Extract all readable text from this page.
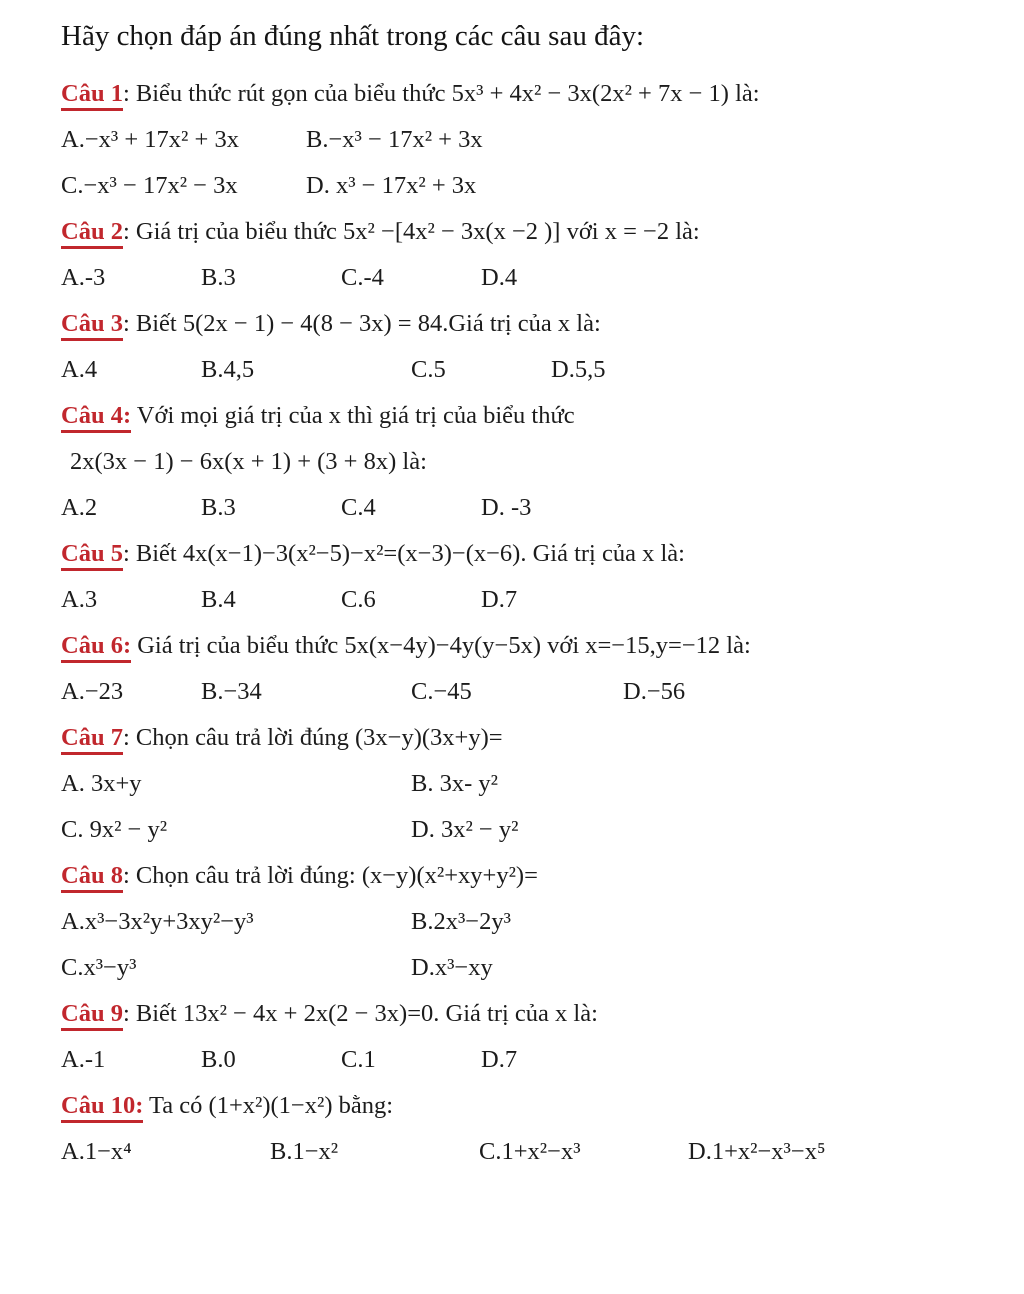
Hãy chọn đáp án đúng nhất trong các câu sau đây:
Câu 1: Biểu thức rút gọn của biểu thức 5x³ + 4x² − 3x(2x² + 7x − 1) là:
A.−x³ + 17x² + 3x	B.−x³ − 17x² + 3x
C.−x³ − 17x² − 3x	D. x³ − 17x² + 3x
Câu 2: Giá trị của biểu thức 5x² −[4x² − 3x(x −2 )] với x = −2 là:
A.-3	B.3	C.-4	D.4
Câu 3: Biết 5(2x − 1) − 4(8 − 3x) = 84.Giá trị của x là:
A.4	B.4,5	C.5	D.5,5
Câu 4: Với mọi giá trị của x thì giá trị của biểu thức
2x(3x − 1) − 6x(x + 1) + (3 + 8x) là:
A.2	B.3	C.4	D. -3
Câu 5: Biết 4x(x−1)−3(x²−5)−x²=(x−3)−(x−6). Giá trị của x là:
A.3	B.4	C.6	D.7
Câu 6: Giá trị của biểu thức 5x(x−4y)−4y(y−5x) với x=−15,y=−12 là:
A.−23	B.−34	C.−45	D.−56
Câu 7: Chọn câu trả lời đúng (3x−y)(3x+y)=
A. 3x+y	B. 3x- y²
C. 9x² − y²	D. 3x² − y²
Câu 8: Chọn câu trả lời đúng: (x−y)(x²+xy+y²)=
A.x³−3x²y+3xy²−y³	B.2x³−2y³
C.x³−y³	D.x³−xy
Câu 9: Biết 13x² − 4x + 2x(2 − 3x)=0. Giá trị của x là:
A.-1	B.0	C.1	D.7
Câu 10: Ta có (1+x²)(1−x²) bằng:
A.1−x⁴	B.1−x²	C.1+x²−x³	D.1+x²−x³−x⁵
